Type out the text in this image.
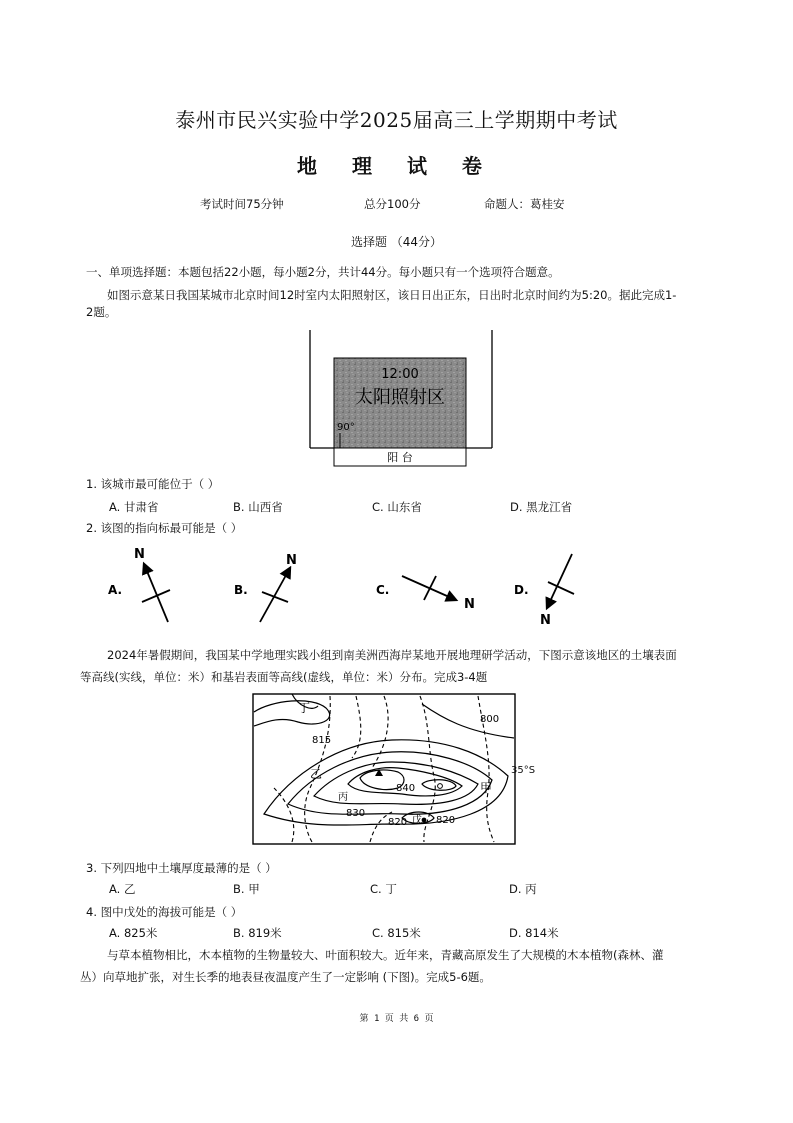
泰州市民兴实验中学2025届高三上学期期中考试
地 理 试 卷
考试时间75分钟	总分100分	命题人：葛桂安
选择题 （44分）
一、单项选择题：本题包括22小题，每小题2分，共计44分。每小题只有一个选项符合题意。
如图示意某日我国某城市北京时间12时室内太阳照射区，该日日出正东，日出时北京时间约为5:20。据此完成1-
2题。
12:00
太阳照射区
90°
阳 台
1. 该城市最可能位于（ ）
A. 甘肃省	B. 山西省	C. 山东省	D. 黑龙江省
2. 该图的指向标最可能是（ ）
A.
N
B.
N
C.
N
D.
N
2024年暑假期间，我国某中学地理实践小组到南美洲西海岸某地开展地理研学活动，下图示意该地区的土壤表面
等高线(实线，单位：米）和基岩表面等高线(虚线，单位：米）分布。完成3-4题
丁
乙
丙
甲
戊
800
815
840
830
820	820
35°S
3. 下列四地中土壤厚度最薄的是（ ）
A. 乙	B. 甲	C. 丁	D. 丙
4. 图中戊处的海拔可能是（ ）
A. 825米	B. 819米	C. 815米	D. 814米
与草本植物相比，木本植物的生物量较大、叶面积较大。近年来，青藏高原发生了大规模的木本植物(森林、灌
丛）向草地扩张，对生长季的地表昼夜温度产生了一定影响 (下图)。完成5-6题。
第 1 页 共 6 页
